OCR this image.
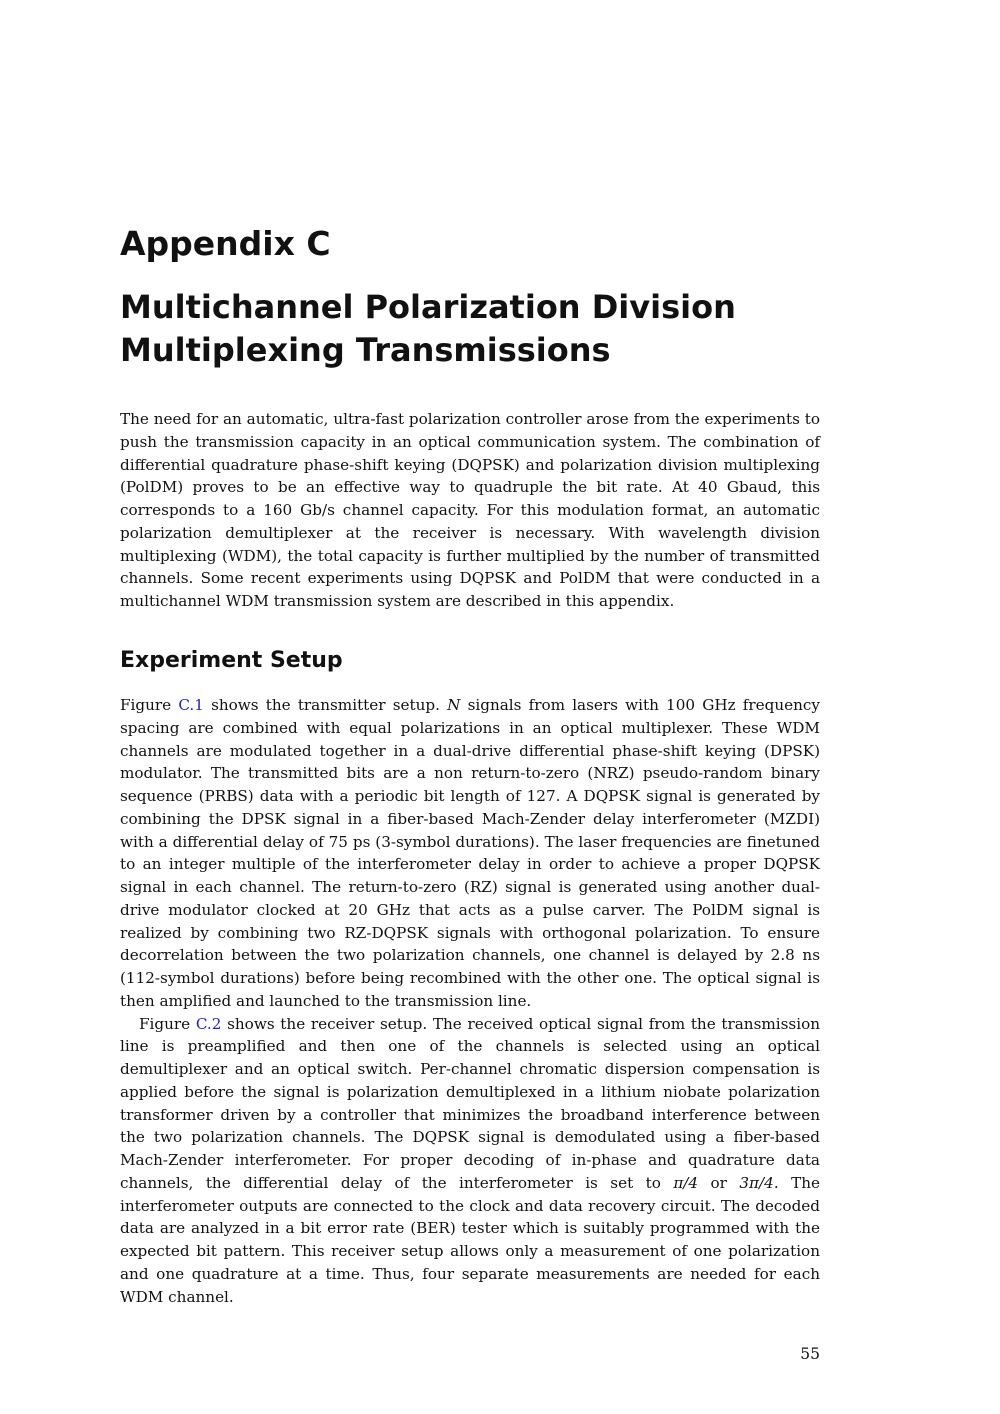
Appendix C
Multichannel Polarization Division
Multiplexing Transmissions

The need for an automatic, ultra-fast polarization controller arose from the experiments to push the transmission capacity in an optical communication system. The combination of differential quadrature phase-shift keying (DQPSK) and polarization division multiplexing (PolDM) proves to be an effective way to quadruple the bit rate. At 40 Gbaud, this corresponds to a 160 Gb/s channel capacity. For this modulation format, an automatic polarization demultiplexer at the receiver is necessary. With wavelength division multiplexing (WDM), the total capacity is further multiplied by the number of transmitted channels. Some recent experiments using DQPSK and PolDM that were conducted in a multichannel WDM transmission system are described in this appendix.

Experiment Setup

Figure C.1 shows the transmitter setup. N signals from lasers with 100 GHz frequency spacing are combined with equal polarizations in an optical multiplexer. These WDM channels are modulated together in a dual-drive differential phase-shift keying (DPSK) modulator. The transmitted bits are a non return-to-zero (NRZ) pseudo-random binary sequence (PRBS) data with a periodic bit length of 127. A DQPSK signal is generated by combining the DPSK signal in a fiber-based Mach-Zender delay interferometer (MZDI) with a differential delay of 75 ps (3-symbol durations). The laser frequencies are finetuned to an integer multiple of the interferometer delay in order to achieve a proper DQPSK signal in each channel. The return-to-zero (RZ) signal is generated using another dual-drive modulator clocked at 20 GHz that acts as a pulse carver. The PolDM signal is realized by combining two RZ-DQPSK signals with orthogonal polarization. To ensure decorrelation between the two polarization channels, one channel is delayed by 2.8 ns (112-symbol durations) before being recombined with the other one. The optical signal is then amplified and launched to the transmission line.

Figure C.2 shows the receiver setup. The received optical signal from the transmission line is preamplified and then one of the channels is selected using an optical demultiplexer and an optical switch. Per-channel chromatic dispersion compensation is applied before the signal is polarization demultiplexed in a lithium niobate polarization transformer driven by a controller that minimizes the broadband interference between the two polarization channels. The DQPSK signal is demodulated using a fiber-based Mach-Zender interferometer. For proper decoding of in-phase and quadrature data channels, the differential delay of the interferometer is set to π/4 or 3π/4. The interferometer outputs are connected to the clock and data recovery circuit. The decoded data are analyzed in a bit error rate (BER) tester which is suitably programmed with the expected bit pattern. This receiver setup allows only a measurement of one polarization and one quadrature at a time. Thus, four separate measurements are needed for each WDM channel.

55
